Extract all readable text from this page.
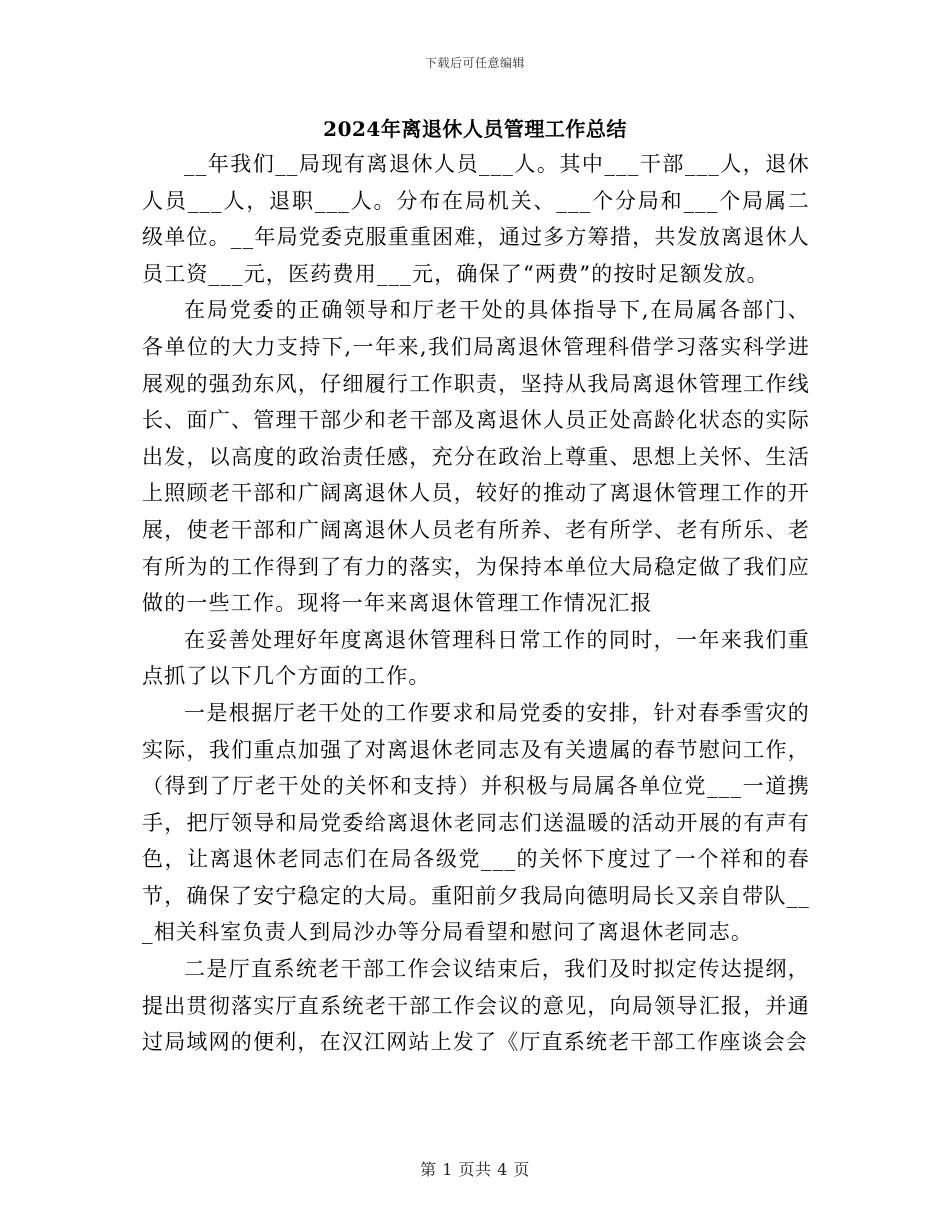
下载后可任意编辑
2024年离退休人员管理工作总结

__年我们__局现有离退休人员___人。其中___干部___人，退休人员___人，退职___人。分布在局机关、___个分局和___个局属二级单位。__年局党委克服重重困难，通过多方筹措，共发放离退休人员工资___元，医药费用___元，确保了“两费”的按时足额发放。

在局党委的正确领导和厅老干处的具体指导下,在局属各部门、各单位的大力支持下,一年来,我们局离退休管理科借学习落实科学进展观的强劲东风，仔细履行工作职责，坚持从我局离退休管理工作线长、面广、管理干部少和老干部及离退休人员正处高龄化状态的实际出发，以高度的政治责任感，充分在政治上尊重、思想上关怀、生活上照顾老干部和广阔离退休人员，较好的推动了离退休管理工作的开展，使老干部和广阔离退休人员老有所养、老有所学、老有所乐、老有所为的工作得到了有力的落实，为保持本单位大局稳定做了我们应做的一些工作。现将一年来离退休管理工作情况汇报

在妥善处理好年度离退休管理科日常工作的同时，一年来我们重点抓了以下几个方面的工作。

一是根据厅老干处的工作要求和局党委的安排，针对春季雪灾的实际，我们重点加强了对离退休老同志及有关遗属的春节慰问工作，（得到了厅老干处的关怀和支持）并积极与局属各单位党___一道携手，把厅领导和局党委给离退休老同志们送温暖的活动开展的有声有色，让离退休老同志们在局各级党___的关怀下度过了一个祥和的春节，确保了安宁稳定的大局。重阳前夕我局向德明局长又亲自带队___相关科室负责人到局沙办等分局看望和慰问了离退休老同志。

二是厅直系统老干部工作会议结束后，我们及时拟定传达提纲，提出贯彻落实厅直系统老干部工作会议的意见，向局领导汇报，并通过局域网的便利，在汉江网站上发了《厅直系统老干部工作座谈会会

第 1 页共 4 页
